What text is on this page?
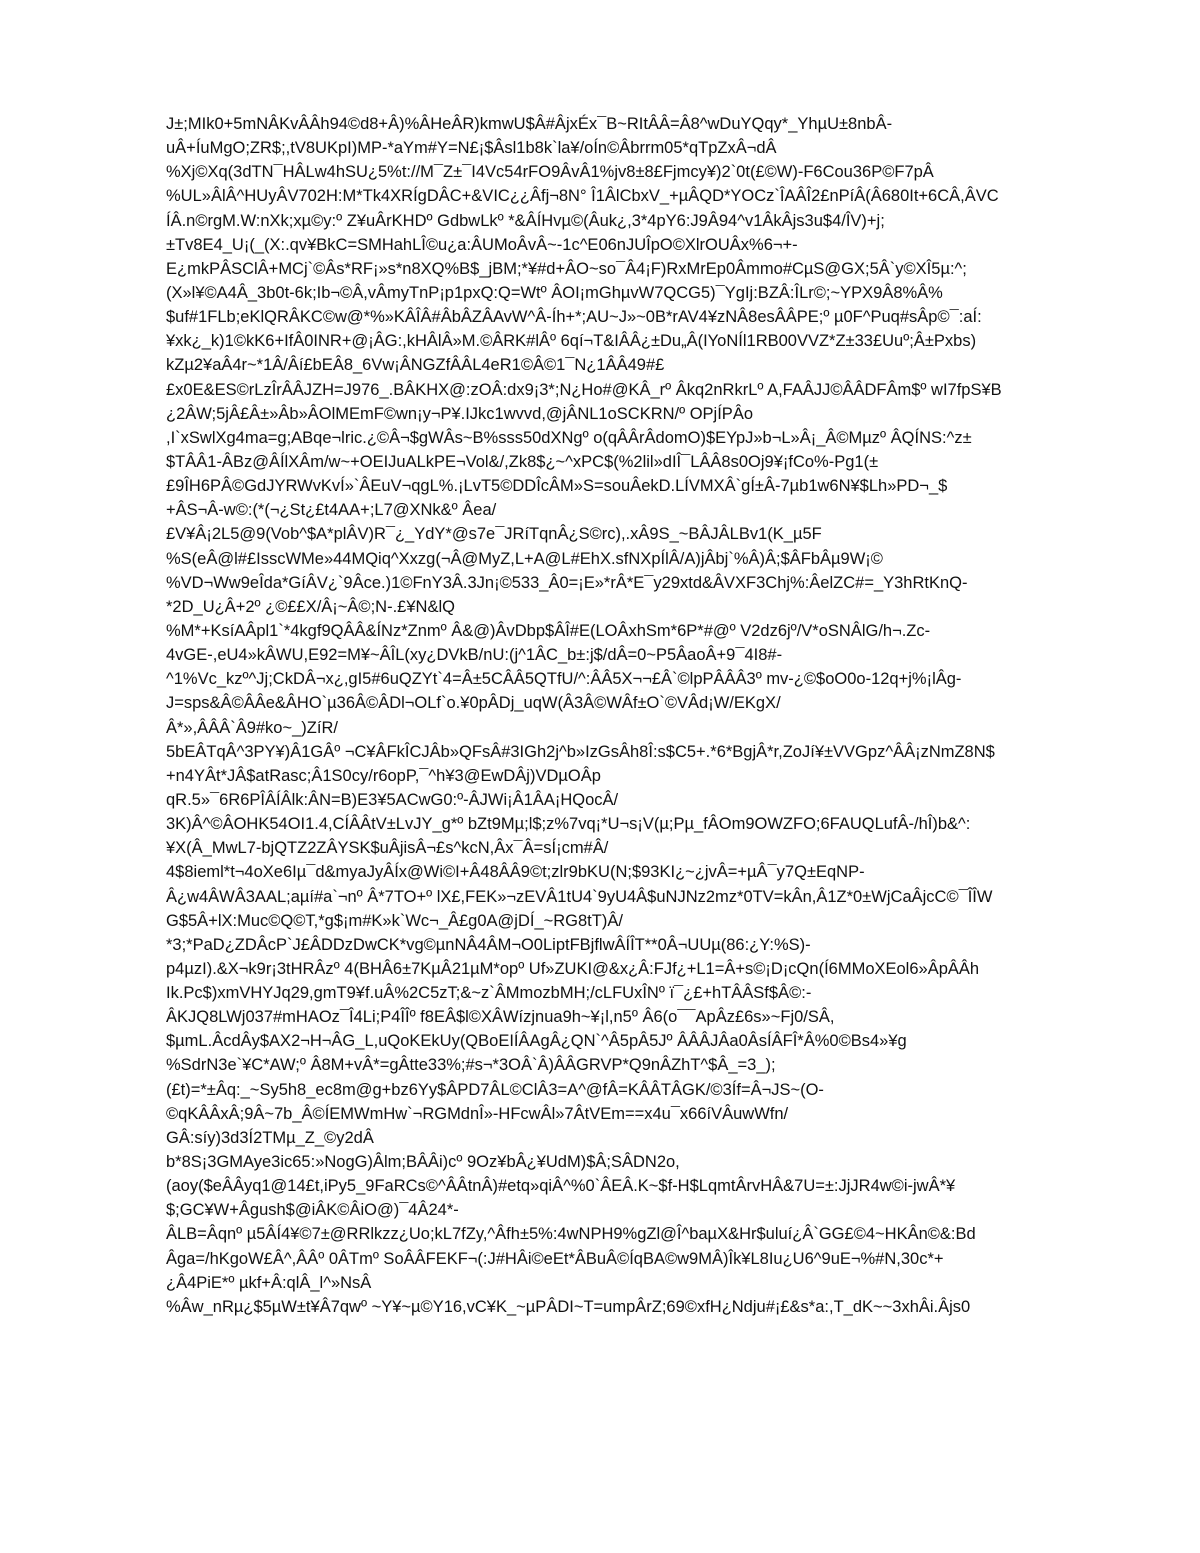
J±;MIk0+5mNÂKvÂÂh94©d8+Â)%ÂHeÂR)kmwU$Â#ÂjxÉx¯B~RItÂÂ=Â8^wDuYQqy*_YhµU±8nbÂ-
uÂ+ÍuMgO;ZR$;,tV8UKpI)MP-*aYm#Y=N£¡$Âsl1b8k`la¥/oÍn©Âbrrm05*qTpZxÂ¬dÂ
%Xj©Xq(3dTN¯HÂLw4hSU¿5%t://M¯Z±¯I4Vc54rFO9ÂvÂ1%jv8±8£Fjmcy¥)2`0t(£©W)-F6Cou36P©F7pÂ
%UL»ÂlÂ^HUyÂV702H:M*Tk4XRÍgDÂC+&VIC¿¿Âfj¬8N° Î1ÂlCbxV_+µÂQD*YOCz`ÎAÂÎ2£nPíÂ(Â680It+6CÂ,ÂVC
ÍÂ.n©rgM.W:nXk;xµ©y:º Z¥uÂrKHDº GdbwLkº *&ÂÍHvµ©(Âuk¿,3*4pY6:J9Â94^v1ÂkÂjs3u$4/ÎV)+j;
±Tv8E4_U¡(_(X:.qv¥BkC=SMHahLÎ©u¿a:ÂUMoÂvÂ~-1c^E06nJUÎpO©XlrOUÂx%6¬+-
E¿mkPÂSClÂ+MCj`©Âs*RF¡»s*n8XQ%B$_jBM;*¥#d+ÂO~so¯Â4¡F)RxMrEp0Âmmo#CµS@GX;5Â`y©XÎ5µ:^;
(X»l¥©A4Â_3b0t-6k;Ib¬©Â,vÂmyTnP¡p1pxQ:Q=Wtº ÂOI¡mGhµvW7QCG5)¯YgIj:BZÂ:ÎLr©;~YPX9Â8%Â%
$uf#1FLb;eKlQRÂKC©w@*%»KÂÎÂ#ÂbÂZÂAvW^Â-Íh+*;AU~J»~0B*rAV4¥zNÂ8esÂÂPE;º µ0F^Puq#sÂp©¯:aÍ:
¥xk¿_k)1©kK6+IfÂ0INR+@¡ÂG:,kHÂlÂ»M.©ÂRK#lÂº 6qí¬T&IÂÂ¿±Du„Â(IYoNÍl1RB00VVZ*Z±33£Uuº;Â±Pxbs)
kZµ2¥aÂ4r~*1Â/Âí£bEÂ8_6Vw¡ÂNGZfÂÂL4eR1©Â©1¯N¿1ÂÂ49#£
£x0E&ES©rLzÎrÂÂJZH=J976_.BÂKHX@:zOÂ:dx9¡3*;N¿Ho#@KÂ_rº Âkq2nRkrLº A,FAÂJJ©ÂÂDFÂm$º wI7fpS¥B
¿2ÂW;5jÂ£Â±»Âb»ÂOlMEmF©wn¡y¬P¥.IJkc1wvvd,@jÂNL1oSCKRN/º OPjÍPÂo
,I`xSwlXg4ma=g;ABqe¬lric.¿©Â¬$gWÂs~B%sss50dXNgº o(qÂÂrÂdomO)$EYpJ»b¬L»Â¡_Â©Mµzº ÂQÍNS:^z±
$TÂÂ1-ÂBz@ÂÍlXÂm/w~+OEIJuALkPE¬Vol&/,Zk8$¿~^xPC$(%2lil»dIÎ¯LÂÂ8s0Oj9¥¡fCo%-Pg1(±
£9ÎH6PÂ©GdJYRWvKvÍ»`ÂEuV¬qgL%.¡LvT5©DDÎcÂM»S=souÂekD.LÍVMXÂ`gÍ±Â-7µb1w6N¥$Lh»PD¬_$
+ÂS¬Â-w©:(*(¬¿St¿£t4AA+;L7@XNk&º Âea/
£V¥Â¡2L5@9(Vob^$A*plÂV)R¯¿_YdY*@s7e¯JRíTqnÂ¿S©rc),.xÂ9S_~BÂJÂLBv1(K_µ5F
%S(eÂ@l#£IsscWMe»44MQiq^Xxzg(¬Â@MyZ,L+A@L#EhX.sfNXpÍlÂ/A)jÂbj`%Â)Â;$ÂFbÂµ9W¡©
%VD¬Ww9eÎda*GíÂV¿`9Âce.)1©FnY3Â.3Jn¡©533_Â0=¡E»*rÂ*E¯y29xtd&ÂVXF3Chj%:ÂelZC#=_Y3hRtKnQ-
*2D_U¿Â+2º ¿©££X/Â¡~Â©;N-.£¥N&lQ
%M*+KsíAÂpl1`*4kgf9QÂÂ&ÍNz*Znmº Â&@)ÂvDbp$ÂÎ#E(LOÂxhSm*6P*#@º V2dz6jº/V*oSNÂlG/h¬.Zc-
4vGE-,eU4»kÂWU,E92=M¥~ÂÎL(xy¿DVkB/nU:(j^1ÂC_b±:j$/dÂ=0~P5ÂaoÂ+9¯4I8#-
^1%Vc_kzº^Jj;CkDÂ¬x¿,gI5#6uQZYt`4=Â±5CÂÂ5QTfU/^:ÂÂ5X¬¬£Â`©lpPÂÂÂ3º mv-¿©$oO0o-12q+j%¡lÂg-
J=sps&Â©ÂÂe&ÂHO`µ36Â©ÂDl¬OLf`o.¥0pÂDj_uqW(Â3Â©WÂf±O`©VÂd¡W/EKgX/
Â*»,ÂÂÂ`Â9#ko~_)ZíR/
5bEÂTqÂ^3PY¥)Â1GÂº ¬C¥ÂFkÎCJÂb»QFsÂ#3IGh2j^b»IzGsÂh8Î:s$C5+.*6*BgjÂ*r,ZoJí¥±VVGpz^ÂÂ¡zNmZ8N$
+n4YÂt*JÂ$atRasc;Â1S0cy/r6opP,¯^h¥3@EwDÂj)VDµOÂp
qR.5»¯6R6PÎÂÍÂlk:ÂN=B)E3¥5ACwG0:º-ÂJWi¡Â1ÂA¡HQocÂ/
3K)Â^©ÂOHK54OI1.4,CÍÂÂtV±LvJY_g*º bZt9Mµ;l$;z%7vq¡*U¬s¡V(µ;Pµ_fÂOm9OWZFO;6FAUQLufÂ-/hÎ)b&^:
¥X(Â_MwL7-bjQTZ2ZÂYSK$uÂjisÂ¬£s^kcN,Âx¯Â=sÍ¡cm#Â/
4$8ieml*t¬4oXe6Iµ¯d&myaJyÂÍx@Wi©I+Â48ÂÂ9©t;zlr9bKU(N;$93KI¿~¿jvÂ=+µÂ¯y7Q±EqNP-
Â¿w4ÂWÂ3AAL;aµí#a`¬nº Â*7TO+º lX£,FEK»¬zEVÂ1tU4`9yU4Â$uNJNz2mz*0TV=kÂn,Â1Z*0±WjCaÂjcC©¯ÎÎW
G$5Â+lX:Muc©Q©T,*g$¡m#K»k`Wc¬_Â£g0A@jDÍ_~RG8tT)Â/
*3;*PaD¿ZDÂcP`J£ÂDDzDwCK*vg©µnNÂ4ÂM¬O0LiptFBjflwÂÍÎT**0Â¬UUµ(86:¿Y:%S)-
p4µzI).&X¬k9r¡3tHRÂzº 4(BHÂ6±7KµÂ21µM*opº Uf»ZUKI@&x¿Â:FJf¿+L1=Â+s©¡D¡cQn(Í6MMoXEol6»ÂpÂÂh
Ik.Pc$)xmVHYJq29,gmT9¥f.uÂ%2C5zT;&~z`ÂMmozbMH;/cLFUxÎNº ï¯¿£+hTÂÂSf$Â©:-
ÂKJQ8LWj037#mHAOz¯Î4Li;P4ÎÎº f8EÂ$l©XÂWízjnua9h~¥¡l,n5º Â6(o¯¯ApÂz£6s»~Fj0/SÂ,
$µmL.ÂcdÂy$AX2¬H¬ÂG_L,uQoKEkUy(QBoEIÍÂAgÂ¿QN`^Â5pÂ5Jº ÂÂÂJÂa0ÂsÍÂFÎ*Â%0©Bs4»¥g
%SdrN3e`¥C*AW;º Â8M+vÂ*=gÂtte33%;#s¬*3OÂ`Â)ÂÂGRVP*Q9nÂZhT^$Â_=3_);
(£t)=*±Âq:_~Sy5h8_ec8m@g+bz6Yy$ÂPD7ÂL©ClÂ3=A^@fÂ=KÂÂTÂGK/©3Íf=Â¬JS~(O-
©qKÂÂxÂ;9Â~7b_Â©ÍEMWmHw`¬RGMdnÎ»-HFcwÂl»7ÂtVEm==x4u¯x66íVÂuwWfn/
GÂ:síy)3d3Í2TMµ_Z_©y2dÂ
b*8S¡3GMAye3ic65:»NogG)Âlm;BÂÂi)cº 9Oz¥bÂ¿¥UdM)$Â;SÂDN2o,
(aoy($eÂÂyq1@14£t,iPy5_9FaRCs©^ÂÂtnÂ)#etq»qiÂ^%0`ÂEÂ.K~$f-H$LqmtÂrvHÂ&7U=±:JjJR4w©i-jwÂ*¥
$;GC¥W+Âgush$@iÂK©ÂiO@)¯4Â24*-
ÂLB=Âqnº µ5ÂÍ4¥©7±@RRlkzz¿Uo;kL7fZy,^Âfh±5%:4wNPH9%gZl@Î^baµX&Hr$uluí¿Â`GG£©4~HKÂn©&:Bd
Âga=/hKgoW£Â^,ÂÂº 0ÂTmº SoÂÂFEKF¬(:J#HÂi©eEt*ÂBuÂ©ÍqBA©w9MÂ)Îk¥L8Iu¿U6^9uE¬%#N,30c*+
¿Â4PiE*º µkf+Â:qlÂ_l^»NsÂ
%Âw_nRµ¿$5µW±t¥Â7qwº ~Y¥~µ©Y16,vC¥K_~µPÂDI~T=umpÂrZ;69©xfH¿Ndju#¡£&s*a:,T_dK~~3xhÂi.Âjs0
